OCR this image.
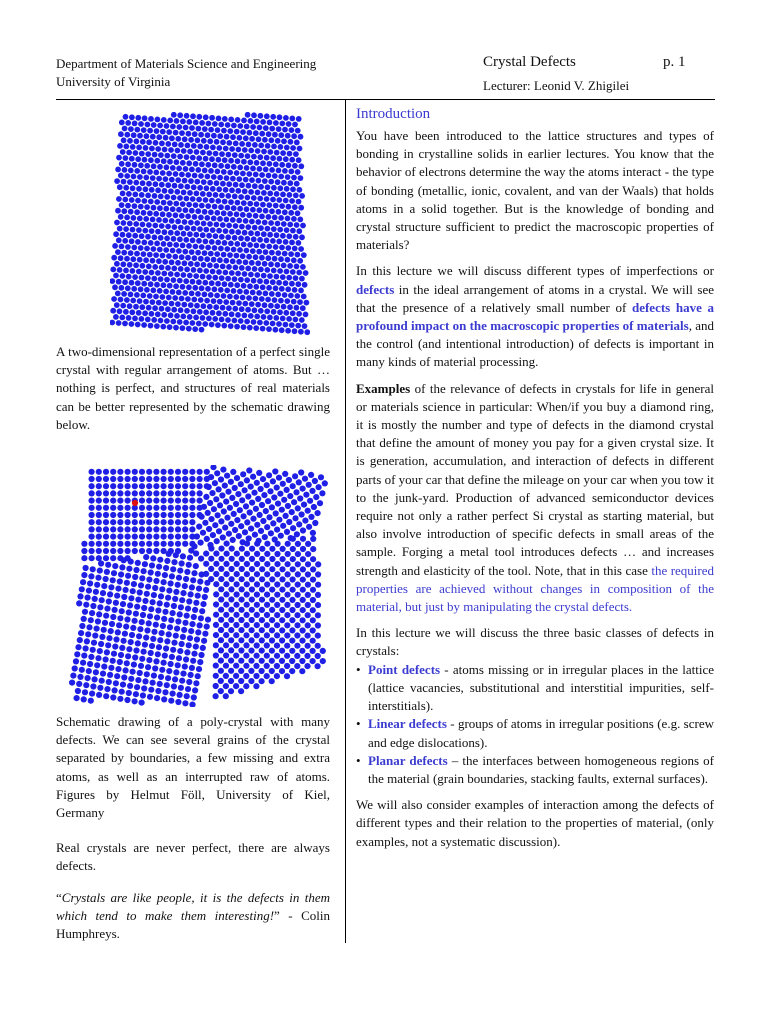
Department of Materials Science and Engineering
University of Virginia
Crystal Defects	p. 1
Lecturer: Leonid V. Zhigilei
A two-dimensional representation of a perfect single crystal with regular arrangement of atoms. But … nothing is perfect, and structures of real materials can be better represented by the schematic drawing below.
Schematic drawing of a poly-crystal with many defects. We can see several grains of the crystal separated by boundaries, a few missing and extra atoms, as well as an interrupted raw of atoms. Figures by Helmut Föll, University of Kiel, Germany
Real crystals are never perfect, there are always defects.
“Crystals are like people, it is the defects in them which tend to make them interesting!” - Colin Humphreys.
Introduction

You have been introduced to the lattice structures and types of bonding in crystalline solids in earlier lectures. You know that the behavior of electrons determine the way the atoms interact - the type of bonding (metallic, ionic, covalent, and van der Waals) that holds atoms in a solid together. But is the knowledge of bonding and crystal structure sufficient to predict the macroscopic properties of materials?

In this lecture we will discuss different types of imperfections or defects in the ideal arrangement of atoms in a crystal. We will see that the presence of a relatively small number of defects have a profound impact on the macroscopic properties of materials, and the control (and intentional introduction) of defects is important in many kinds of material processing.

Examples of the relevance of defects in crystals for life in general or materials science in particular: When/if you buy a diamond ring, it is mostly the number and type of defects in the diamond crystal that define the amount of money you pay for a given crystal size. It is generation, accumulation, and interaction of defects in different parts of your car that define the mileage on your car when you tow it to the junk-yard. Production of advanced semiconductor devices require not only a rather perfect Si crystal as starting material, but also involve introduction of specific defects in small areas of the sample. Forging a metal tool introduces defects … and increases strength and elasticity of the tool. Note, that in this case the required properties are achieved without changes in composition of the material, but just by manipulating the crystal defects.

In this lecture we will discuss the three basic classes of defects in crystals:

• Point defects - atoms missing or in irregular places in the lattice (lattice vacancies, substitutional and interstitial impurities, self-interstitials).
• Linear defects - groups of atoms in irregular positions (e.g. screw and edge dislocations).
• Planar defects – the interfaces between homogeneous regions of the material (grain boundaries, stacking faults, external surfaces).

We will also consider examples of interaction among the defects of different types and their relation to the properties of material, (only examples, not a systematic discussion).
